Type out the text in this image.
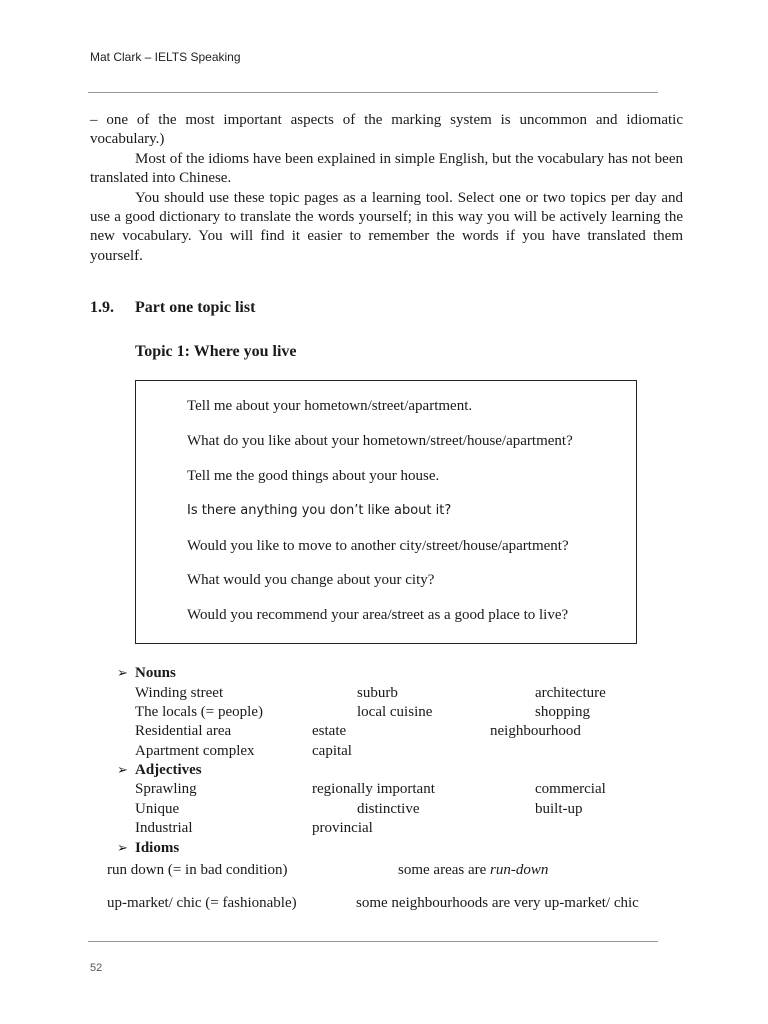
Mat Clark – IELTS Speaking

– one of the most important aspects of the marking system is uncommon and idiomatic vocabulary.)

Most of the idioms have been explained in simple English, but the vocabulary has not been translated into Chinese.

You should use these topic pages as a learning tool. Select one or two topics per day and use a good dictionary to translate the words yourself; in this way you will be actively learning the new vocabulary. You will find it easier to remember the words if you have translated them yourself.

1.9. Part one topic list
Topic 1: Where you live
Tell me about your hometown/street/apartment.
What do you like about your hometown/street/house/apartment?
Tell me the good things about your house.
Is there anything you don’t like about it?
Would you like to move to another city/street/house/apartment?
What would you change about your city?
Would you recommend your area/street as a good place to live?
➢ Nouns
Winding street	suburb	architecture
The locals (= people)	local cuisine	shopping
Residential area	estate	neighbourhood
Apartment complex	capital
➢ Adjectives
Sprawling	regionally important	commercial
Unique	distinctive	built-up
Industrial	provincial
➢ Idioms
run down (= in bad condition)	some areas are run-down
up-market/ chic (= fashionable)	some neighbourhoods are very up-market/ chic
52
